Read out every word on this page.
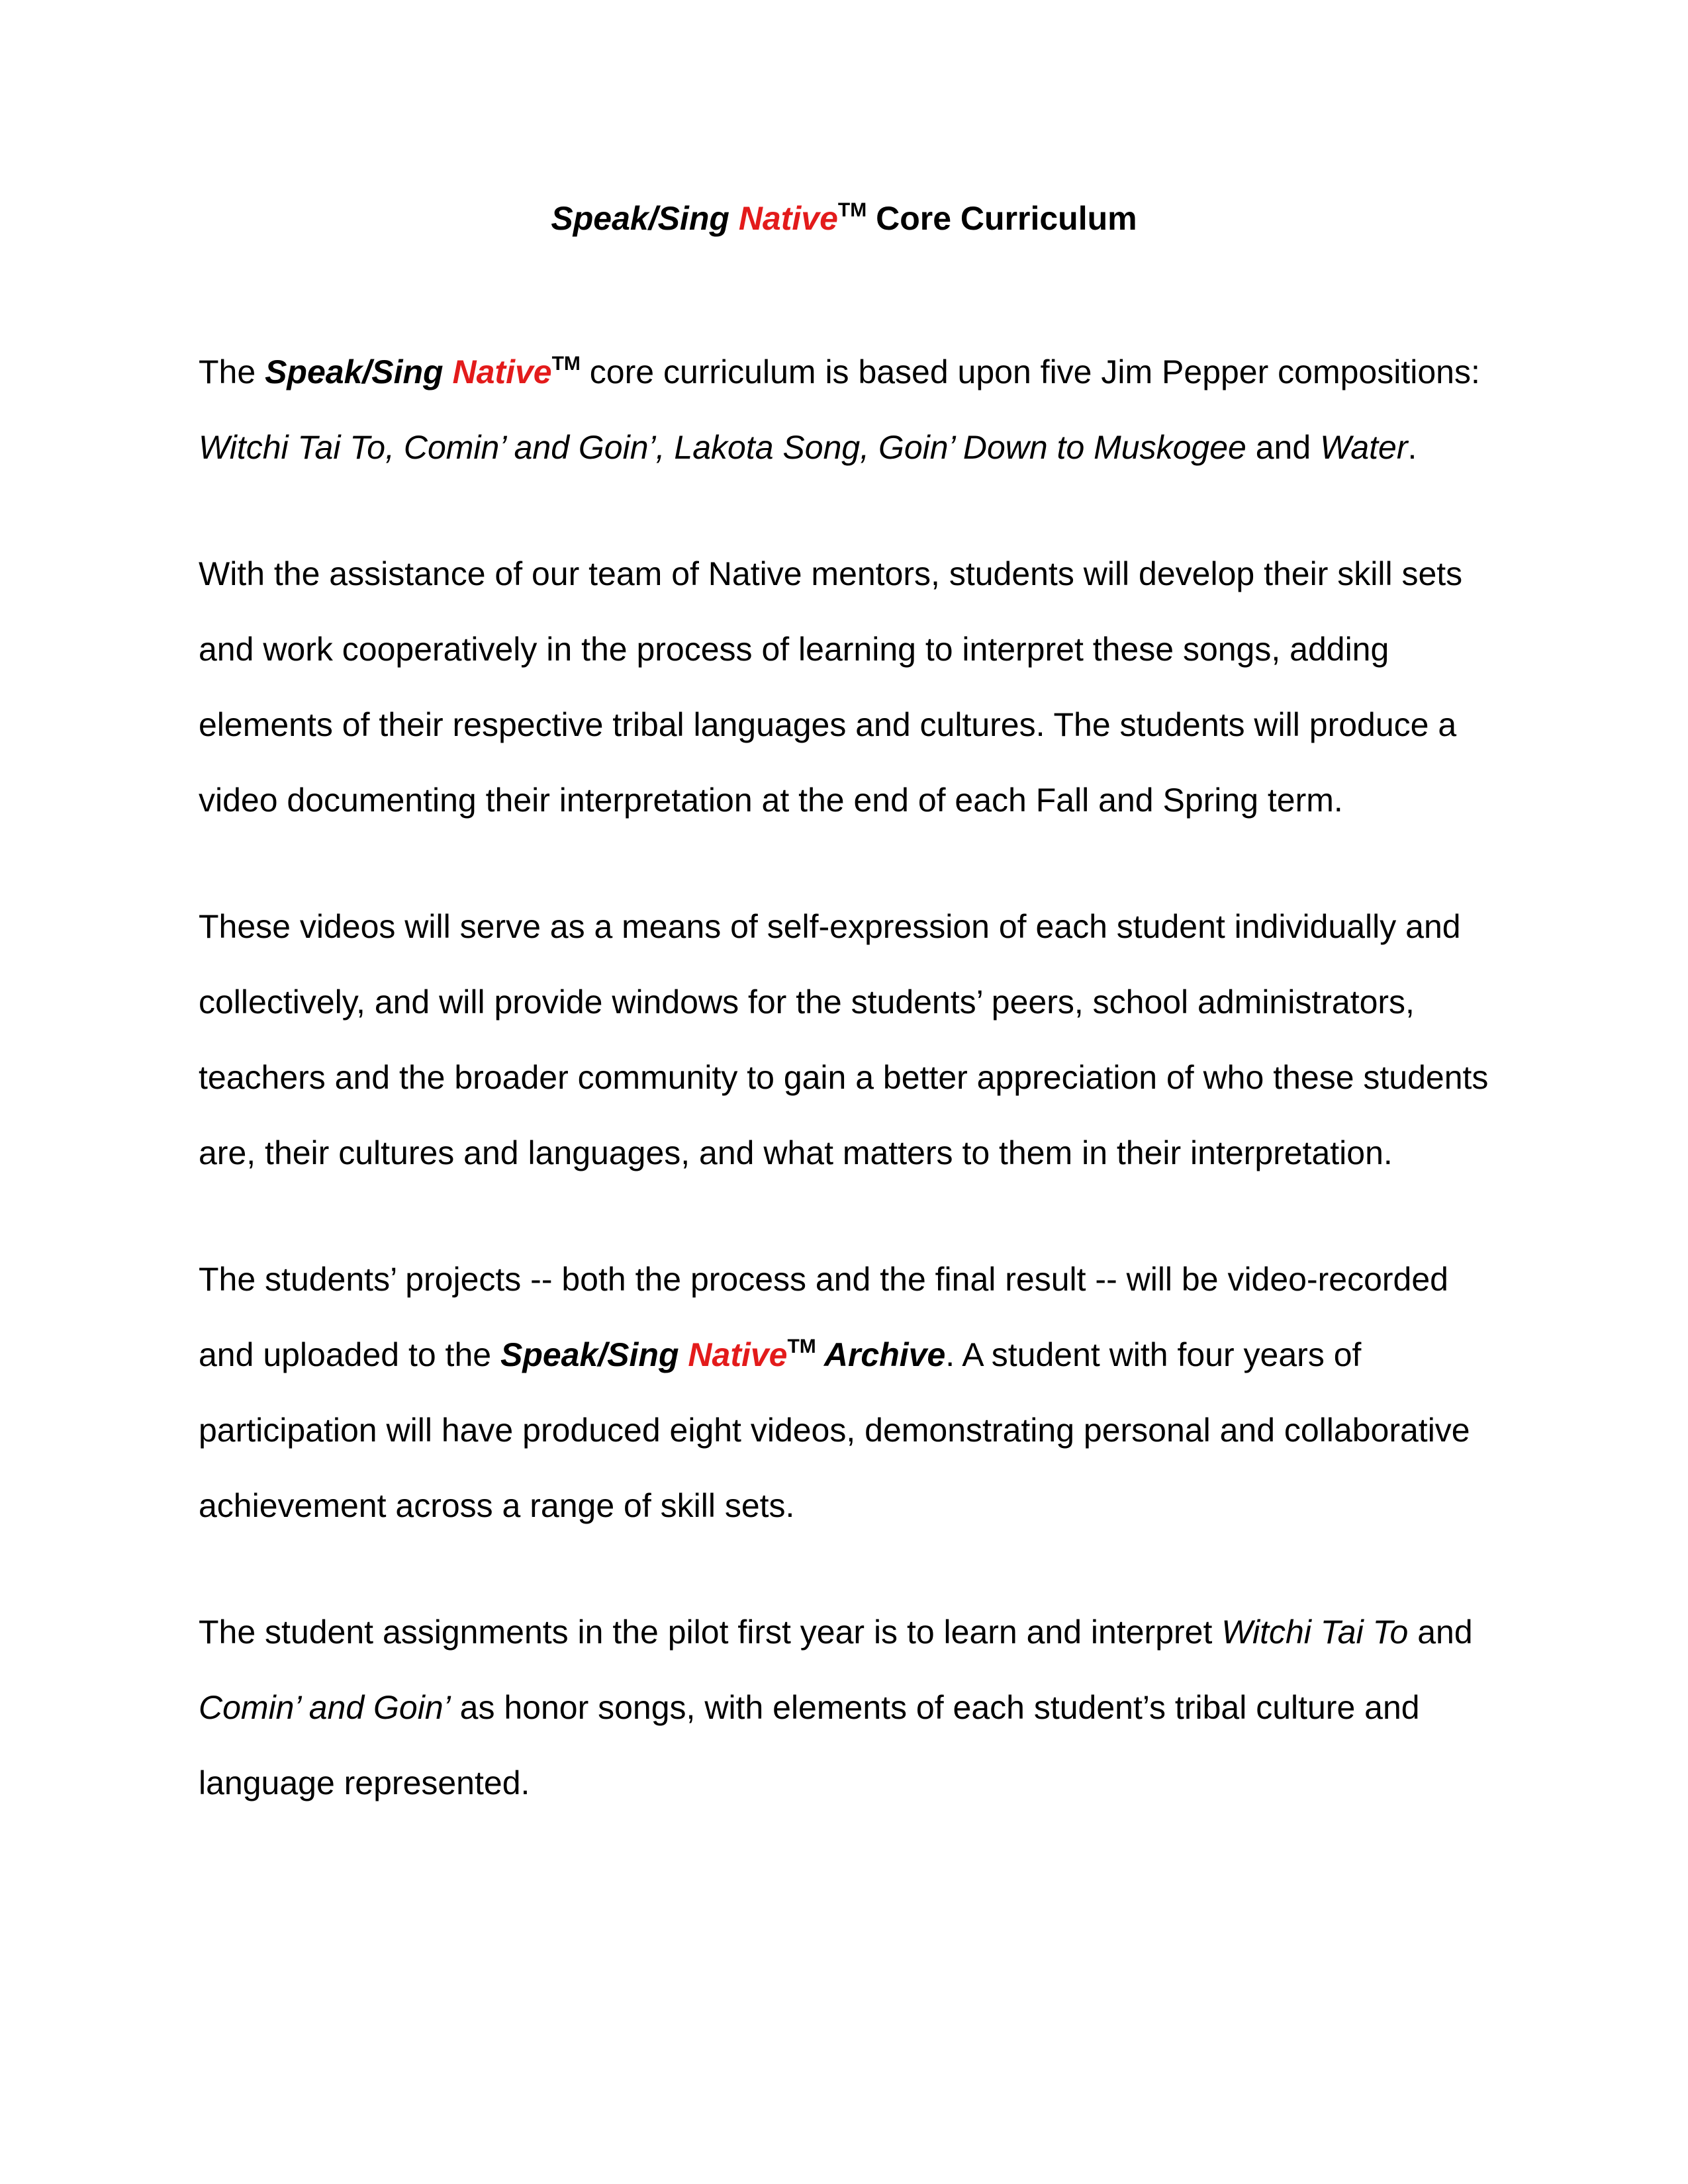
Speak/Sing Native™ Core Curriculum
The Speak/Sing Native™ core curriculum is based upon five Jim Pepper compositions:
Witchi Tai To, Comin’ and Goin’, Lakota Song, Goin’ Down to Muskogee and Water.
With the assistance of our team of Native mentors, students will develop their skill sets
and work cooperatively in the process of learning to interpret these songs, adding
elements of their respective tribal languages and cultures. The students will produce a
video documenting their interpretation at the end of each Fall and Spring term.
These videos will serve as a means of self-expression of each student individually and
collectively, and will provide windows for the students’ peers, school administrators,
teachers and the broader community to gain a better appreciation of who these students
are, their cultures and languages, and what matters to them in their interpretation.
The students’ projects -- both the process and the final result -- will be video-recorded
and uploaded to the Speak/Sing Native™ Archive. A student with four years of
participation will have produced eight videos, demonstrating personal and collaborative
achievement across a range of skill sets.
The student assignments in the pilot first year is to learn and interpret Witchi Tai To and
Comin’ and Goin’ as honor songs, with elements of each student’s tribal culture and
language represented.
